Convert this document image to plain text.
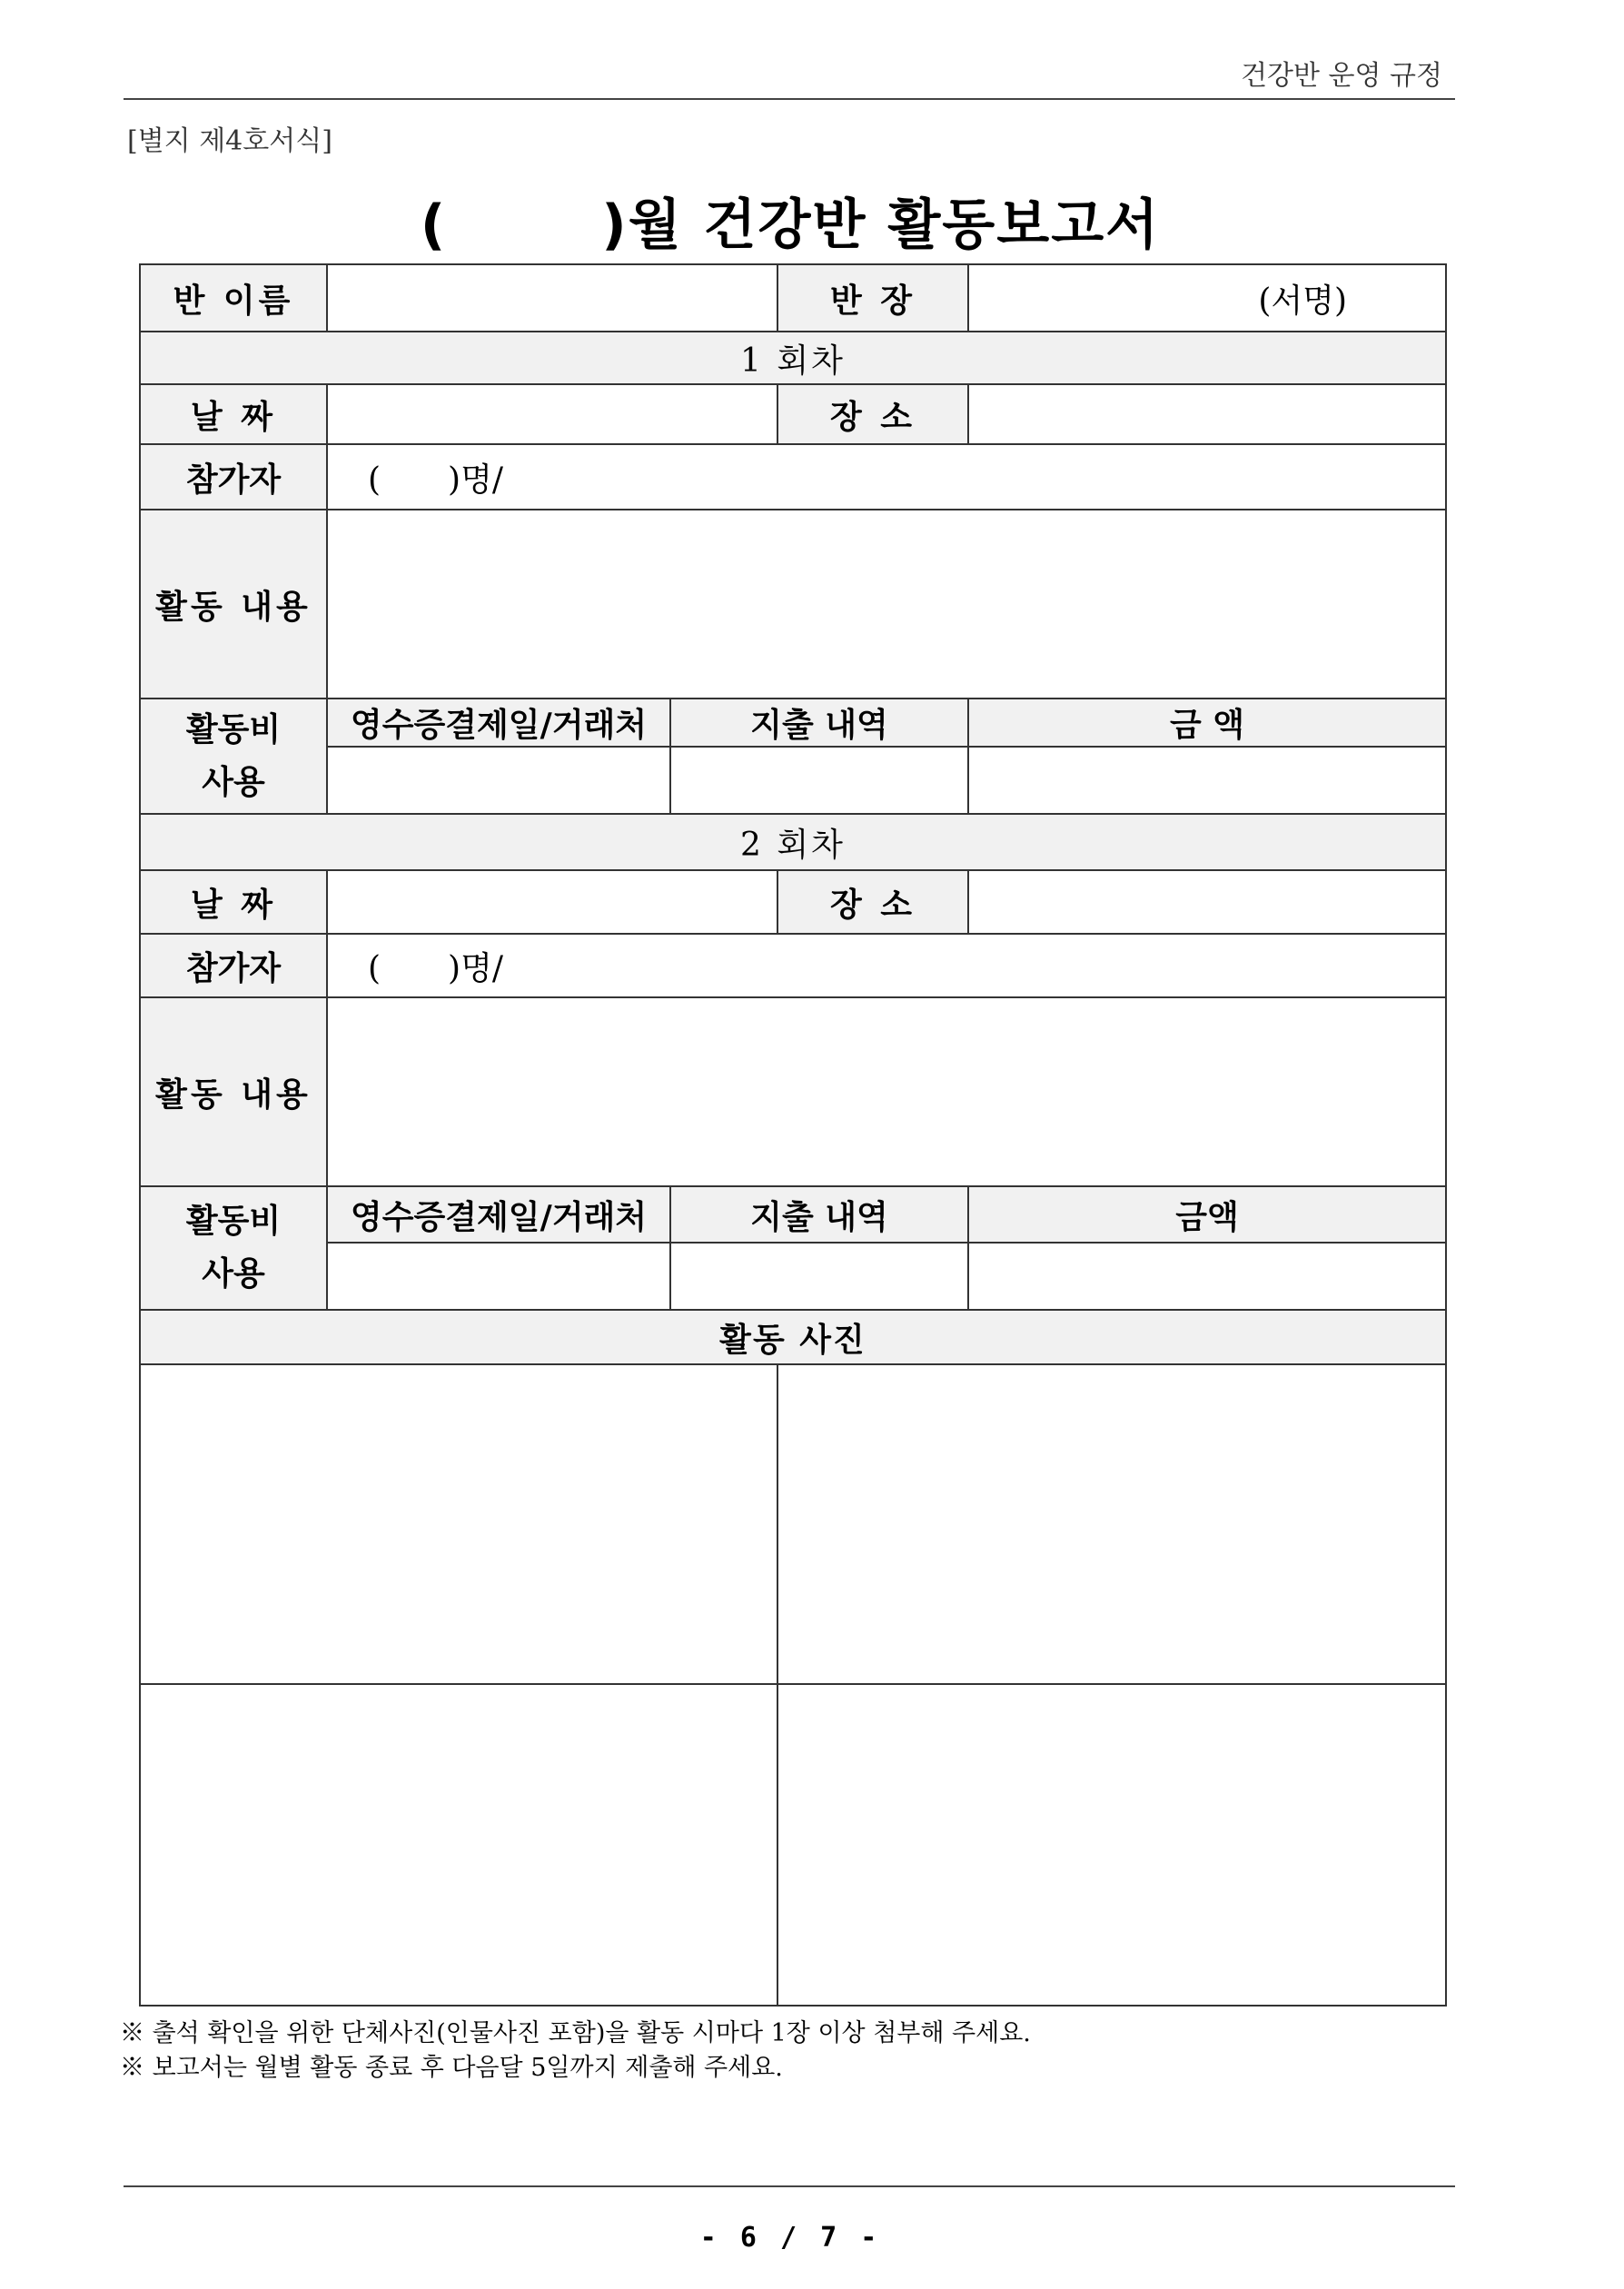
건강반 운영 규정
[별지 제4호서식]
(	)월 건강반 활동보고서
반 이름			반 장	(서명)
1 회차				
날 짜			장 소	
참가자	( )명/			
활동 내용				

활동비
사용	영수증결제일/거래처	지출 내역		금 액

2 회차				
날 짜			장 소	
참가자	( )명/			
활동 내용				

활동비
사용	영수증결제일/거래처	지출 내역		금액

활동 사진				

※ 출석 확인을 위한 단체사진(인물사진 포함)을 활동 시마다 1장 이상 첨부해 주세요.
※ 보고서는 월별 활동 종료 후 다음달 5일까지 제출해 주세요.
- 6 / 7 -
